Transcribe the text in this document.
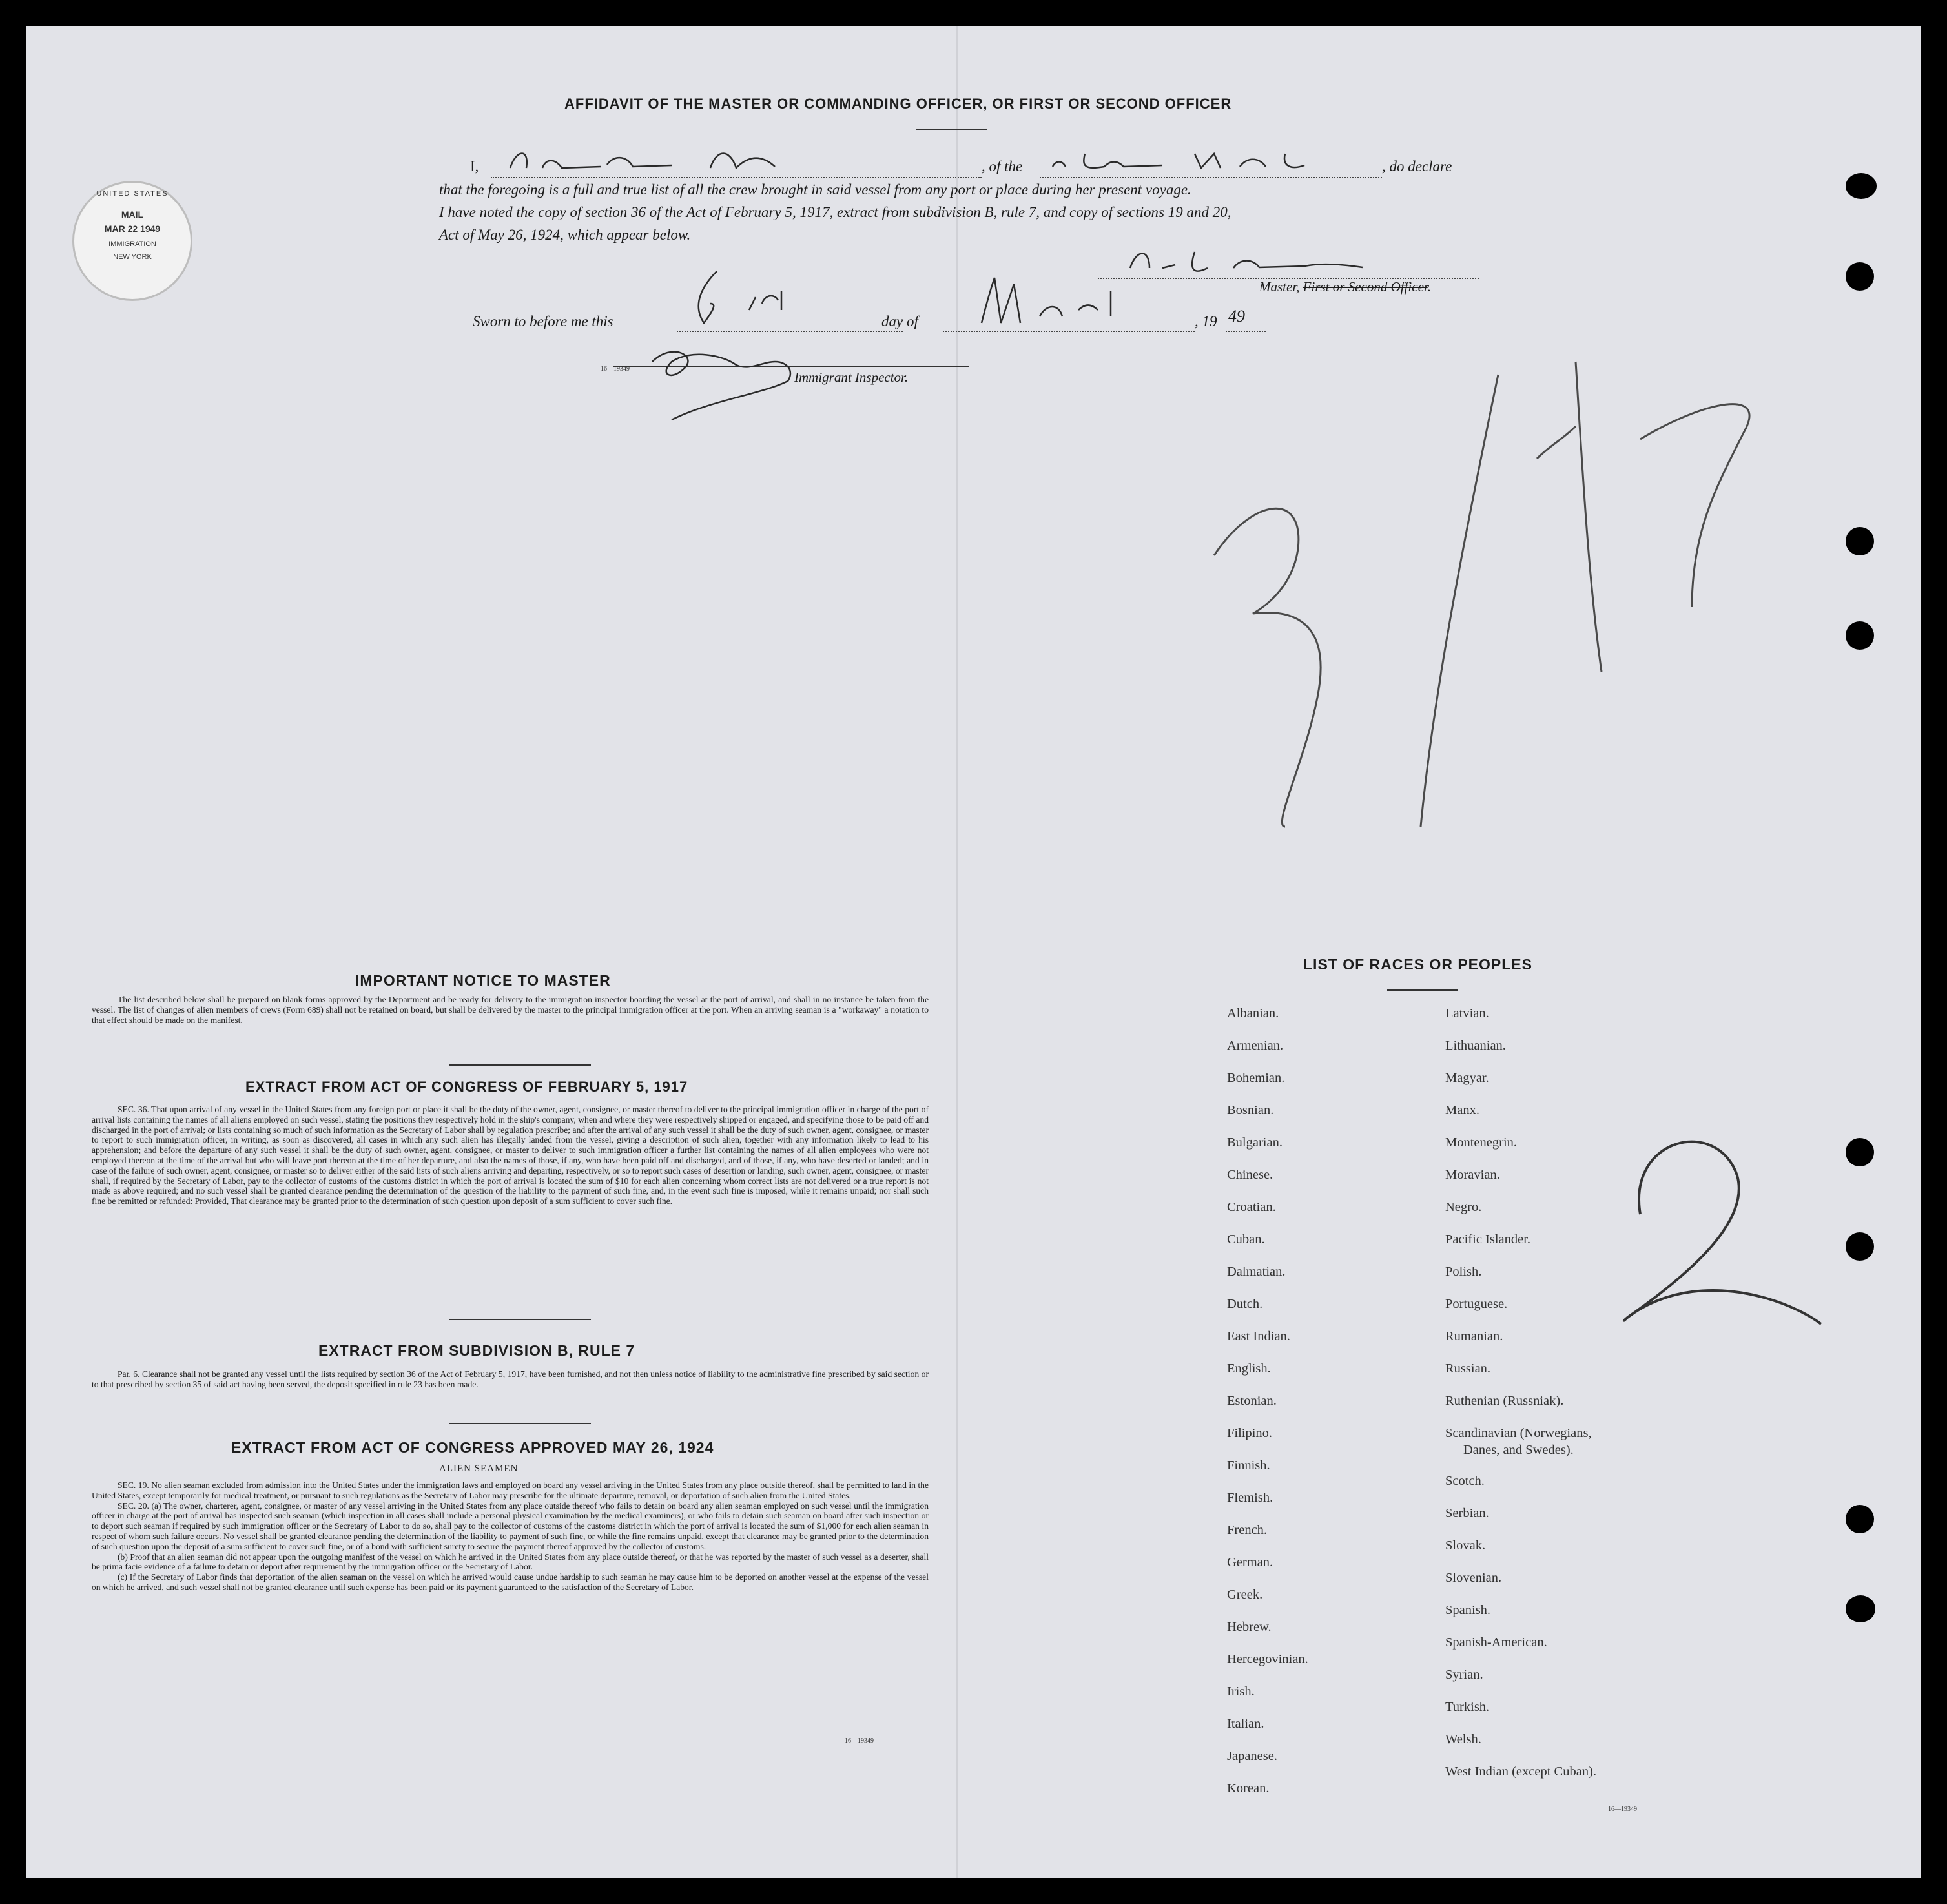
AFFIDAVIT OF THE MASTER OR COMMANDING OFFICER, OR FIRST OR SECOND OFFICER
I,	, of the	, do declare
that the foregoing is a full and true list of all the crew brought in said vessel from any port or place during her present voyage.
I have noted the copy of section 36 of the Act of February 5, 1917, extract from subdivision B, rule 7, and copy of sections 19 and 20,
Act of May 26, 1924, which appear below.
Master, First or Second Officer.
Sworn to before me this	day of	, 19 49
16—19349
Immigrant Inspector.
UNITED STATES
MAIL
MAR 22 1949
IMMIGRATION
NEW YORK
IMPORTANT NOTICE TO MASTER

The list described below shall be prepared on blank forms approved by the Department and be ready for delivery to the immigration inspector boarding the vessel at the port of arrival, and shall in no instance be taken from the vessel. The list of changes of alien members of crews (Form 689) shall not be retained on board, but shall be delivered by the master to the principal immigration officer at the port. When an arriving seaman is a "workaway" a notation to that effect should be made on the manifest.

EXTRACT FROM ACT OF CONGRESS OF FEBRUARY 5, 1917

SEC. 36. That upon arrival of any vessel in the United States from any foreign port or place it shall be the duty of the owner, agent, consignee, or master thereof to deliver to the principal immigration officer in charge of the port of arrival lists containing the names of all aliens employed on such vessel, stating the positions they respectively hold in the ship's company, when and where they were respectively shipped or engaged, and specifying those to be paid off and discharged in the port of arrival; or lists containing so much of such information as the Secretary of Labor shall by regulation prescribe; and after the arrival of any such vessel it shall be the duty of such owner, agent, consignee, or master to report to such immigration officer, in writing, as soon as discovered, all cases in which any such alien has illegally landed from the vessel, giving a description of such alien, together with any information likely to lead to his apprehension; and before the departure of any such vessel it shall be the duty of such owner, agent, consignee, or master to deliver to such immigration officer a further list containing the names of all alien employees who were not employed thereon at the time of the arrival but who will leave port thereon at the time of her departure, and also the names of those, if any, who have been paid off and discharged, and of those, if any, who have deserted or landed; and in case of the failure of such owner, agent, consignee, or master so to deliver either of the said lists of such aliens arriving and departing, respectively, or so to report such cases of desertion or landing, such owner, agent, consignee, or master shall, if required by the Secretary of Labor, pay to the collector of customs of the customs district in which the port of arrival is located the sum of $10 for each alien concerning whom correct lists are not delivered or a true report is not made as above required; and no such vessel shall be granted clearance pending the determination of the question of the liability to the payment of such fine, and, in the event such fine is imposed, while it remains unpaid; nor shall such fine be remitted or refunded: Provided, That clearance may be granted prior to the determination of such question upon deposit of a sum sufficient to cover such fine.

EXTRACT FROM SUBDIVISION B, RULE 7

Par. 6. Clearance shall not be granted any vessel until the lists required by section 36 of the Act of February 5, 1917, have been furnished, and not then unless notice of liability to the administrative fine prescribed by said section or to that prescribed by section 35 of said act having been served, the deposit specified in rule 23 has been made.

EXTRACT FROM ACT OF CONGRESS APPROVED MAY 26, 1924
ALIEN SEAMEN

SEC. 19. No alien seaman excluded from admission into the United States under the immigration laws and employed on board any vessel arriving in the United States from any place outside thereof, shall be permitted to land in the United States, except temporarily for medical treatment, or pursuant to such regulations as the Secretary of Labor may prescribe for the ultimate departure, removal, or deportation of such alien from the United States.

SEC. 20. (a) The owner, charterer, agent, consignee, or master of any vessel arriving in the United States from any place outside thereof who fails to detain on board any alien seaman employed on such vessel until the immigration officer in charge at the port of arrival has inspected such seaman (which inspection in all cases shall include a personal physical examination by the medical examiners), or who fails to detain such seaman on board after such inspection or to deport such seaman if required by such immigration officer or the Secretary of Labor to do so, shall pay to the collector of customs of the customs district in which the port of arrival is located the sum of $1,000 for each alien seaman in respect of whom such failure occurs. No vessel shall be granted clearance pending the determination of the liability to payment of such fine, or while the fine remains unpaid, except that clearance may be granted prior to the determination of such question upon the deposit of a sum sufficient to cover such fine, or of a bond with sufficient surety to secure the payment thereof approved by the collector of customs.

(b) Proof that an alien seaman did not appear upon the outgoing manifest of the vessel on which he arrived in the United States from any place outside thereof, or that he was reported by the master of such vessel as a deserter, shall be prima facie evidence of a failure to detain or deport after requirement by the immigration officer or the Secretary of Labor.

(c) If the Secretary of Labor finds that deportation of the alien seaman on the vessel on which he arrived would cause undue hardship to such seaman he may cause him to be deported on another vessel at the expense of the vessel on which he arrived, and such vessel shall not be granted clearance until such expense has been paid or its payment guaranteed to the satisfaction of the Secretary of Labor.

16—19349
LIST OF RACES OR PEOPLES
Albanian.
Armenian.
Bohemian.
Bosnian.
Bulgarian.
Chinese.
Croatian.
Cuban.
Dalmatian.
Dutch.
East Indian.
English.
Estonian.
Filipino.
Finnish.
Flemish.
French.
German.
Greek.
Hebrew.
Hercegovinian.
Irish.
Italian.
Japanese.
Korean.
Latvian.
Lithuanian.
Magyar.
Manx.
Montenegrin.
Moravian.
Negro.
Pacific Islander.
Polish.
Portuguese.
Rumanian.
Russian.
Ruthenian (Russniak).
Scandinavian (Norwegians,
Danes, and Swedes).
Scotch.
Serbian.
Slovak.
Slovenian.
Spanish.
Spanish-American.
Syrian.
Turkish.
Welsh.
West Indian (except Cuban).
16—19349
